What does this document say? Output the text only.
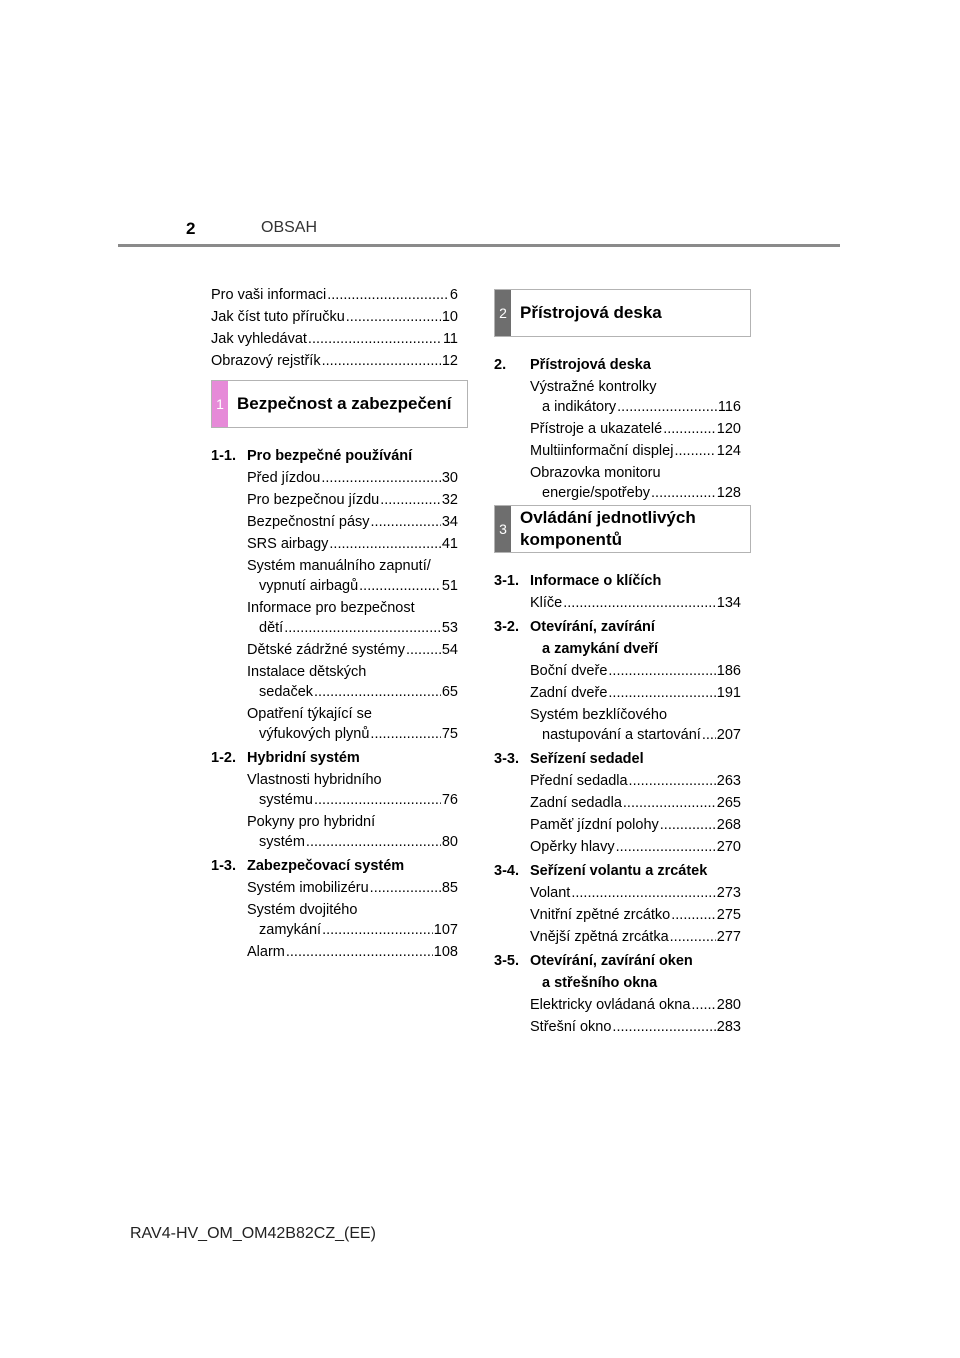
2	OBSAH
Pro vaši informaci .....	6
Jak číst tuto příručku .....	10
Jak vyhledávat .....	11
Obrazový rejstřík .....	12
1 Bezpečnost a zabezpečení
1-1. Pro bezpečné používání
Před jízdou .....	30
Pro bezpečnou jízdu .....	32
Bezpečnostní pásy .....	34
SRS airbagy .....	41
Systém manuálního zapnutí/
vypnutí airbagů .....	51
Informace pro bezpečnost
dětí .....	53
Dětské zádržné systémy .....	54
Instalace dětských
sedaček .....	65
Opatření týkající se
výfukových plynů .....	75
1-2. Hybridní systém
Vlastnosti hybridního
systému .....	76
Pokyny pro hybridní
systém .....	80
1-3. Zabezpečovací systém
Systém imobilizéru .....	85
Systém dvojitého
zamykání .....	107
Alarm .....	108
2 Přístrojová deska
2.	Přístrojová deska
Výstražné kontrolky
a indikátory .....	116
Přístroje a ukazatelé .....	120
Multiinformační displej .....	124
Obrazovka monitoru
energie/spotřeby .....	128
3
Ovládání jednotlivých
komponentů
3-1. Informace o klíčích
Klíče .....	134
3-2. Otevírání, zavírání
a zamykání dveří
Boční dveře .....	186
Zadní dveře .....	191
Systém bezklíčového
nastupování a startování ..... 207
3-3. Seřízení sedadel
Přední sedadla .....	263
Zadní sedadla .....	265
Paměť jízdní polohy .....	268
Opěrky hlavy .....	270
3-4. Seřízení volantu a zrcátek
Volant .....	273
Vnitřní zpětné zrcátko .....	275
Vnější zpětná zrcátka .....	277
3-5. Otevírání, zavírání oken
a střešního okna
Elektricky ovládaná okna ..... 280
Střešní okno .....	283
RAV4-HV_OM_OM42B82CZ_(EE)
